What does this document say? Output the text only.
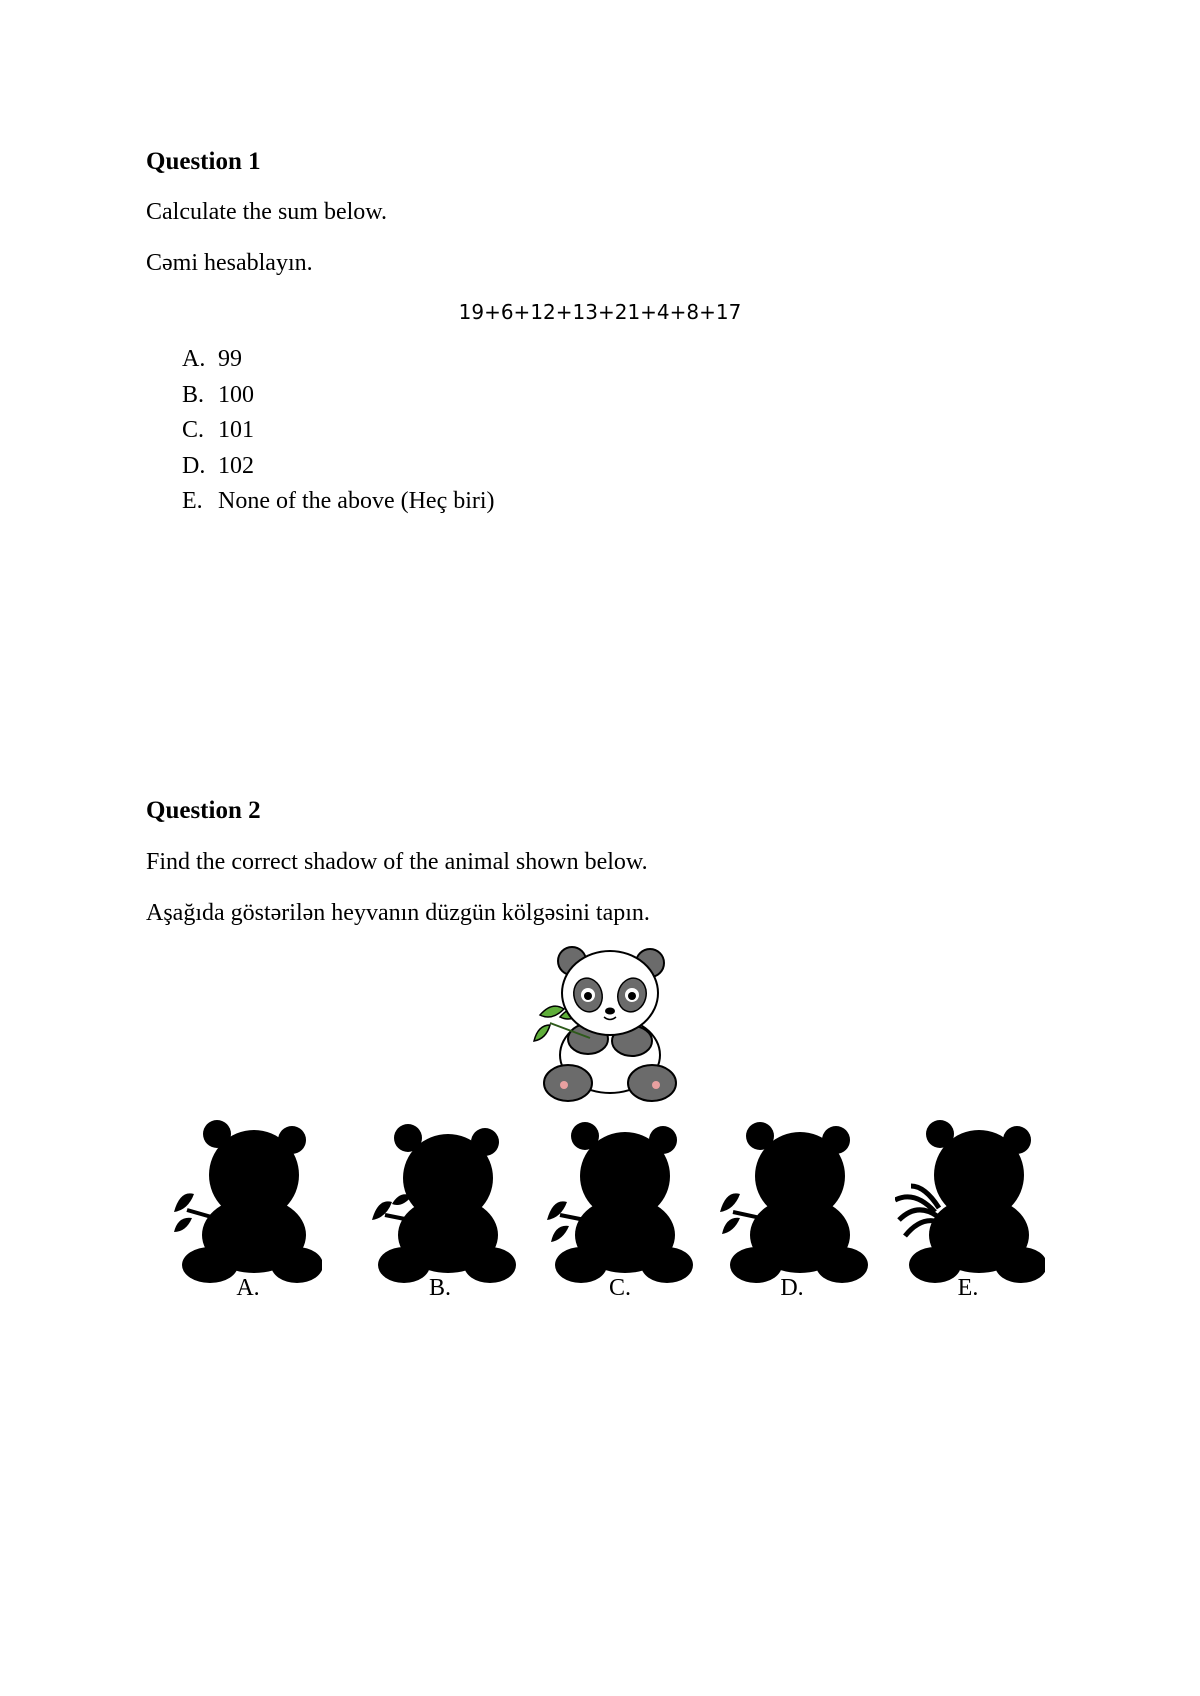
Question 1
Calculate the sum below.
Cəmi hesablayın.
19+6+12+13+21+4+8+17
A. 99
B. 100
C. 101
D. 102
E. None of the above (Heç biri)
Question 2
Find the correct shadow of the animal shown below.
Aşağıda göstərilən heyvanın düzgün kölgəsini tapın.
A.	B.	C.	D.	E.
